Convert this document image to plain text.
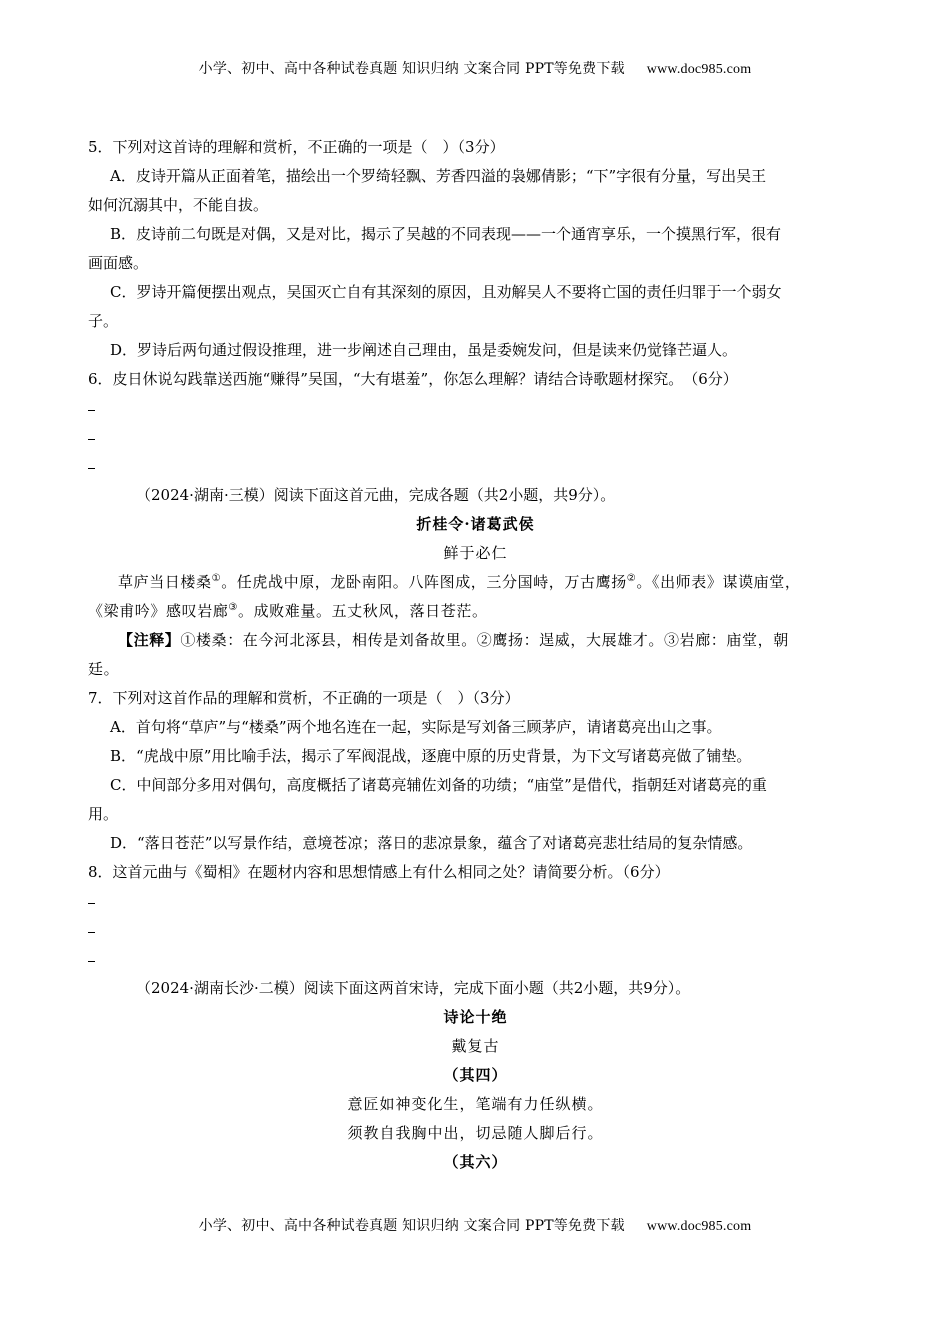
小学、初中、高中各种试卷真题 知识归纳 文案合同 PPT等免费下载 www.doc985.com

5．下列对这首诗的理解和赏析，不正确的一项是（　）（3分）

A．皮诗开篇从正面着笔，描绘出一个罗绮轻飘、芳香四溢的袅娜倩影；“下”字很有分量，写出吴王

如何沉溺其中，不能自拔。
B．皮诗前二句既是对偶，又是对比，揭示了吴越的不同表现——一个通宵享乐，一个摸黑行军，很有

画面感。
C．罗诗开篇便摆出观点，吴国灭亡自有其深刻的原因，且劝解吴人不要将亡国的责任归罪于一个弱女

子。
D．罗诗后两句通过假设推理，进一步阐述自己理由，虽是委婉发问，但是读来仍觉锋芒逼人。

6．皮日休说勾践靠送西施“赚得”吴国，“大有堪羞”，你怎么理解？请结合诗歌题材探究。　（6分）

（2024·湖南·三模）阅读下面这首元曲，完成各题（共2小题，共9分）。

折桂令·诸葛武侯

鲜于必仁

草庐当日楼桑①。任虎战中原，龙卧南阳。八阵图成，三分国峙，万古鹰扬②。《出师表》谋谟庙堂，

《梁甫吟》感叹岩廊③。成败难量。五丈秋风，落日苍茫。

【注释】①楼桑：在今河北涿县，相传是刘备故里。②鹰扬：逞威，大展雄才。③岩廊：庙堂，朝

廷。

7．下列对这首作品的理解和赏析，不正确的一项是（　）（3分）

A．首句将“草庐”与“楼桑”两个地名连在一起，实际是写刘备三顾茅庐，请诸葛亮出山之事。
B．“虎战中原”用比喻手法，揭示了军阀混战，逐鹿中原的历史背景，为下文写诸葛亮做了铺垫。
C．中间部分多用对偶句，高度概括了诸葛亮辅佐刘备的功绩；“庙堂”是借代，指朝廷对诸葛亮的重

用。
D．“落日苍茫”以写景作结，意境苍凉；落日的悲凉景象，蕴含了对诸葛亮悲壮结局的复杂情感。

8．这首元曲与《蜀相》在题材内容和思想情感上有什么相同之处？请简要分析。（6分）

（2024·湖南长沙·二模）阅读下面这两首宋诗，完成下面小题（共2小题，共9分）。

诗论十绝

戴复古

（其四）

意匠如神变化生，笔端有力任纵横。

须教自我胸中出，切忌随人脚后行。

（其六）

小学、初中、高中各种试卷真题 知识归纳 文案合同 PPT等免费下载 www.doc985.com
